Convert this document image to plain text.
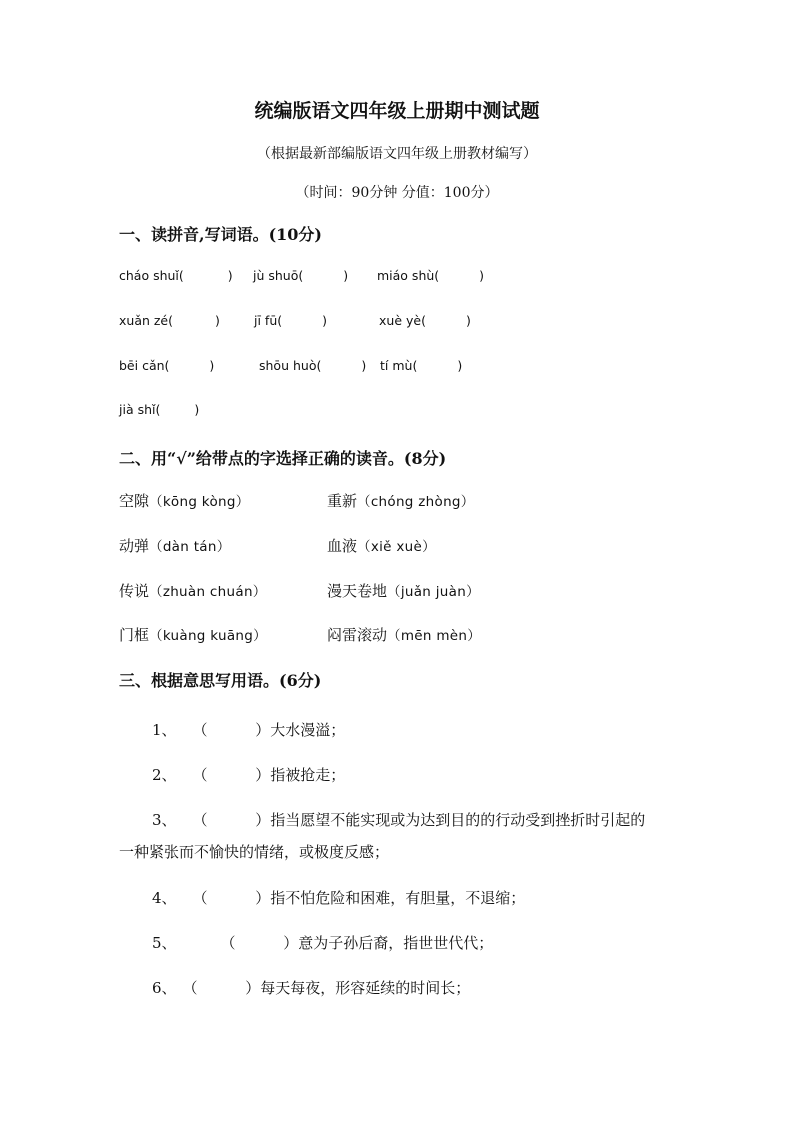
统编版语文四年级上册期中测试题
（根据最新部编版语文四年级上册教材编写）
（时间：90分钟 分值：100分）
一、读拼音,写词语。(10分)
cháo shuǐ(	) jù shuō(	) miáo shù(	)
xuǎn zé(	)	jī fū(	)	xuè yè(	)
bēi cǎn(	)	shōu huò(	) tí mù(	)
jià shǐ(	)
二、用“√”给带点的字选择正确的读音。(8分)
空隙（kōng kòng）	重新（chóng zhòng）
动弹（dàn tán）	血液（xiě xuè）
传说（zhuàn chuán）	漫天卷地（juǎn juàn）
门框（kuàng kuāng）	闷雷滚动（mēn mèn）
三、根据意思写用语。(6分)
1、 （          ）大水漫溢；
2、 （          ）指被抢走；
3、 （          ）指当愿望不能实现或为达到目的的行动受到挫折时引起的
一种紧张而不愉快的情绪，或极度反感；
4、 （          ）指不怕危险和困难，有胆量，不退缩；
5、	（          ）意为子孙后裔，指世世代代；
6、 （          ）每天每夜，形容延续的时间长；
